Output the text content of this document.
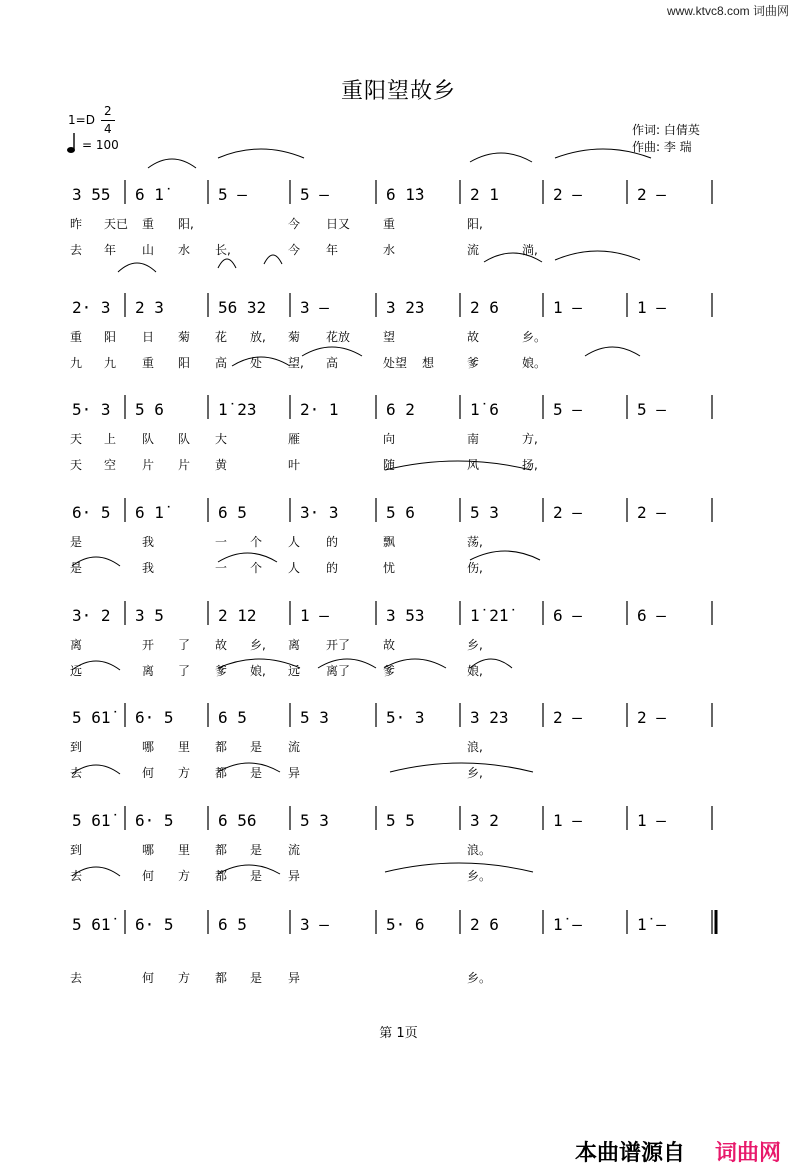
www.ktvc8.com 词曲网
重阳望故乡
1=D
2
4
= 100
作词: 白倩英
作曲: 李 瑞
3 55 6 1̇	5 –	5 –	6 1̇3	2 1	2 –	2 –
昨 天已 重 阳,	今 日又	重	阳,
去 年 山 水 长,	今 年	水	流	淌,
2· 3 2 3	56 32 3 –	3 23	2 6	1 –	1 –
重 阳 日 菊 花 放, 菊 花放	望	故	乡。
九 九 重 阳 高 处 望, 高	处望 想	爹	娘。
5· 3 5 6	1̇ 23	2· 1	6 2	1̇ 6	5 –	5 –
天 上 队 队 大	雁	向	南	方,
天 空 片 片 黄	叶	随	风	扬,
6· 5 6 1̇	6 5	3· 3	5 6	5 3	2 –	2 –
是	我	一 个 人 的	飘	荡,
是	我	一 个 人 的	忧	伤,
3· 2 3 5	2 12	1 –	3 53	1̇ 2̇1̇	6 –	6 –
离	开 了 故 乡, 离 开了	故	乡,
远	离 了 爹 娘, 远 离了	爹	娘,
5 61̇	6· 5	6 5	5 3	5· 3	3 23	2 –	2 –
到	哪 里 都 是 流	浪,
去	何 方 都 是 异	乡,
5 61̇	6· 5	6 56	5 3	5 5	3 2	1 –	1 –
到	哪 里 都 是 流	浪。
去	何 方 都 是 异	乡。
5 61̇	6· 5	6 5	3 –	5· 6	2 6	1̇ –	1̇ –
去	何 方 都 是 异	乡。
第 1页
本曲谱源自 词曲网
